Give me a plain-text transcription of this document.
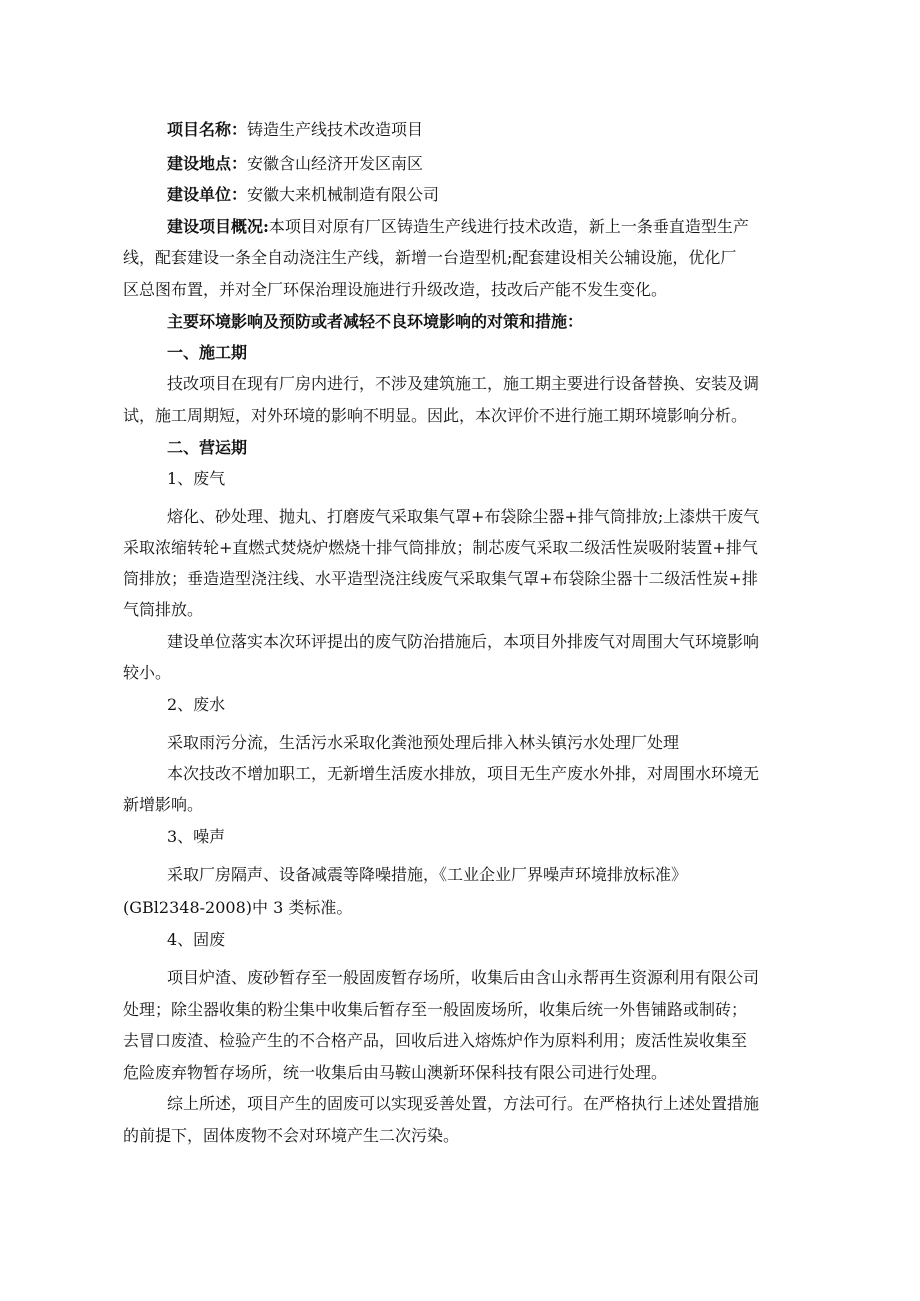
项目名称：铸造生产线技术改造项目
建设地点：安徽含山经济开发区南区
建设单位：安徽大来机械制造有限公司
建设项目概况:本项目对原有厂区铸造生产线进行技术改造，新上一条垂直造型生产
线，配套建设一条全自动浇注生产线，新增一台造型机;配套建设相关公辅设施，优化厂
区总图布置，并对全厂环保治理设施进行升级改造，技改后产能不发生变化。
主要环境影响及预防或者减轻不良环境影响的对策和措施：
一、施工期
技改项目在现有厂房内进行，不涉及建筑施工，施工期主要进行设备替换、安装及调
试，施工周期短，对外环境的影响不明显。因此，本次评价不进行施工期环境影响分析。
二、营运期
1、废气
熔化、砂处理、抛丸、打磨废气采取集气罩+布袋除尘器+排气筒排放;上漆烘干废气
采取浓缩转轮+直燃式焚烧炉燃烧十排气筒排放；制芯废气采取二级活性炭吸附装置+排气
筒排放；垂造造型浇注线、水平造型浇注线废气采取集气罩+布袋除尘器十二级活性炭+排
气筒排放。
建设单位落实本次环评提出的废气防治措施后，本项目外排废气对周围大气环境影响
较小。
2、废水
采取雨污分流，生活污水采取化粪池预处理后排入林头镇污水处理厂处理
本次技改不增加职工，无新增生活废水排放，项目无生产废水外排，对周围水环境无
新增影响。
3、噪声
采取厂房隔声、设备减震等降噪措施，《工业企业厂界噪声环境排放标准》
(GBl2348-2008)中 3 类标准。
4、固废
项目炉渣、废砂暂存至一般固废暂存场所，收集后由含山永帮再生资源利用有限公司
处理；除尘器收集的粉尘集中收集后暂存至一般固废场所，收集后统一外售铺路或制砖；
去冒口废渣、检验产生的不合格产品，回收后进入熔炼炉作为原料利用；废活性炭收集至
危险废弃物暂存场所，统一收集后由马鞍山澳新环保科技有限公司进行处理。
综上所述，项目产生的固废可以实现妥善处置，方法可行。在严格执行上述处置措施
的前提下，固体废物不会对环境产生二次污染。
